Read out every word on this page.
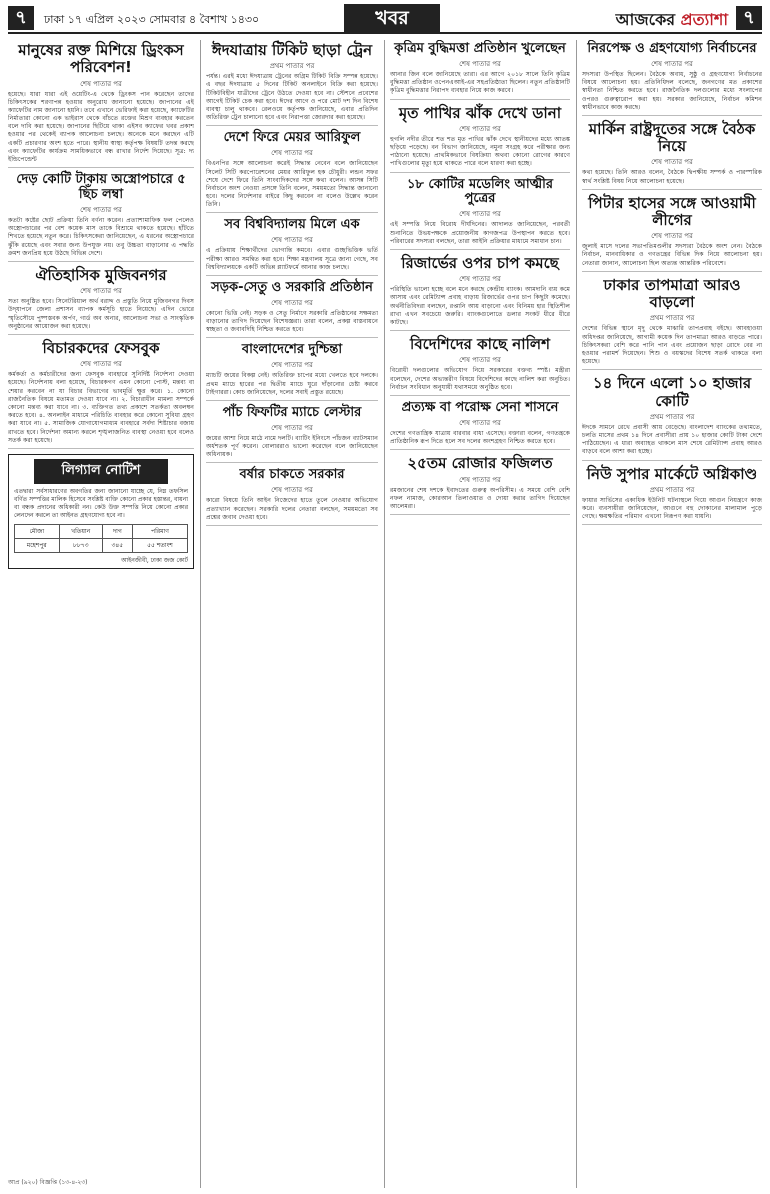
৭	ঢাকা ১৭ এপ্রিল ২০২৩ সোমবার ৪ বৈশাখ ১৪৩০	খবর	আজকের প্রত্যাশা ৭
মানুষের রক্ত মিশিয়ে ড্রিংকস পরিবেশন!
শেষ পাতার পর
হয়েছে। যারা যারা এই ওয়েটিং-এ থেকে ড্রিংকস পান করেছেন তাদের চিকিৎসকের শরণাপন্ন হওয়ার অনুরোধ জানানো হয়েছে। জাপানের এই ক্যাফেটির নাম জানানো হয়নি। তবে এখানে ভেরিফাই করা হয়েছে, ক্যাফেটির নির্মাতারা কোনো এক ভাইরাস থেকে বাঁচতে রক্তের মিশ্রণ ব্যবহার করতেন বলে দাবি করা হয়েছে। জাপানের ছিটিয়ে থাকা এইসব ক্যাফের খবর প্রকাশ হওয়ার পর থেকেই ব্যাপক আলোচনা চলছে। অনেকে মনে করছেন এটি একটি প্রচারণার অংশ হতে পারে। স্থানীয় স্বাস্থ্য কর্তৃপক্ষ বিষয়টি তদন্ত করছে এবং ক্যাফেটির কার্যক্রম সাময়িকভাবে বন্ধ রাখার নির্দেশ দিয়েছে। সূত্র: দ্য ইন্ডিপেন্ডেন্ট
দেড় কোটি টাকায় অস্ত্রোপচারে ৫ ছিঁচ লম্বা
শেষ পাতার পর
কতটা কষ্টের ছোট প্রক্রিয়া তিনি বর্ণনা করেন। প্রত্যাশামাফিক ফল পেলেও অস্ত্রোপচারের পর বেশ কয়েক মাস তাকে বিশ্রামে থাকতে হয়েছে। হাঁটতে শিখতে হয়েছে নতুন করে। চিকিৎসকেরা জানিয়েছেন, এ ধরনের অস্ত্রোপচারে ঝুঁকি রয়েছে এবং সবার জন্য উপযুক্ত নয়। তবু উচ্চতা বাড়ানোর এ পদ্ধতি ক্রমশ জনপ্রিয় হয়ে উঠছে বিভিন্ন দেশে।
ঐতিহাসিক মুজিবনগর
শেষ পাতার পর
সত্য অনুষ্ঠিত হবে। সিনেটরিয়াল অর্থ বরাদ্দ ও প্রস্তুতি নিয়ে মুজিবনগর দিবস উদ্‌যাপনে জেলা প্রশাসন ব্যাপক কর্মসূচি হাতে নিয়েছে। এদিন ভোরে স্মৃতিসৌধে পুষ্পস্তবক অর্পণ, গার্ড অব অনার, আলোচনা সভা ও সাংস্কৃতিক অনুষ্ঠানের আয়োজন করা হয়েছে।
বিচারকদের ফেসবুক
শেষ পাতার পর
কর্মকর্তা ও কর্মচারীদের জন্য ফেসবুক ব্যবহারে সুনির্দিষ্ট নির্দেশনা দেওয়া হয়েছে। নির্দেশনায় বলা হয়েছে, বিচারকগণ এমন কোনো পোস্ট, মন্তব্য বা শেয়ার করবেন না যা বিচার বিভাগের ভাবমূর্তি ক্ষুণ্ণ করে। ১. কোনো রাজনৈতিক বিষয়ে মতামত দেওয়া যাবে না। ২. বিচারাধীন মামলা সম্পর্কে কোনো মন্তব্য করা যাবে না। ৩. ব্যক্তিগত তথ্য প্রকাশে সতর্কতা অবলম্বন করতে হবে। ৪. অনলাইন মাধ্যমে পরিচিতি ব্যবহার করে কোনো সুবিধা গ্রহণ করা যাবে না। ৫. সামাজিক যোগাযোগমাধ্যম ব্যবহারে সর্বদা শিষ্টাচার বজায় রাখতে হবে। নির্দেশনা অমান্য করলে শৃঙ্খলাজনিত ব্যবস্থা নেওয়া হবে বলেও সতর্ক করা হয়েছে।
লিগ্যাল নোটিশ
এতদ্বারা সর্বসাধারণের অবগতির জন্য জানানো যাচ্ছে যে, নিম্ন তফসিল বর্ণিত সম্পত্তির মালিক হিসেবে সংশ্লিষ্ট ব্যক্তি কোনো প্রকার হস্তান্তর, বায়না বা বন্ধক প্রদানের অধিকারী নন। কেউ উক্ত সম্পত্তি নিয়ে কোনো প্রকার লেনদেন করলে তা আইনত গ্রহণযোগ্য হবে না।
মৌজা	খতিয়ান	দাগ	পরিমাণ
মহেশপুর	৮৮৭৩	৩৪৫	৫৫ শতাংশ
আইনজীবী, ঢাকা জজ কোর্ট
ঈদযাত্রায় টিকিট ছাড়া ট্রেন
প্রথম পাতার পর
পর্যন্ত। এরই মধ্যে ঈদযাত্রায় ট্রেনের অগ্রিম টিকিট বিক্রি সম্পন্ন হয়েছে। এ বছর ঈদযাত্রায় ৫ দিনের টিকিট অনলাইনে বিক্রি করা হয়েছে। টিকিটবিহীন যাত্রীদের ট্রেনে উঠতে দেওয়া হবে না। স্টেশনে প্রবেশের আগেই টিকিট চেক করা হবে। ঈদের আগে ও পরে মোট দশ দিন বিশেষ ব্যবস্থা চালু থাকবে। রেলওয়ে কর্তৃপক্ষ জানিয়েছে, এবার প্রতিদিন অতিরিক্ত ট্রেন চালানো হবে এবং নিরাপত্তা জোরদার করা হয়েছে।
দেশে ফিরে মেয়র আরিফুল
শেষ পাতার পর
বিএনপির সঙ্গে আলোচনা করেই সিদ্ধান্ত নেবেন বলে জানিয়েছেন সিলেট সিটি করপোরেশনের মেয়র আরিফুল হক চৌধুরী। লন্ডন সফর শেষে দেশে ফিরে তিনি সাংবাদিকদের সঙ্গে কথা বলেন। আসন্ন সিটি নির্বাচনে অংশ নেওয়া প্রসঙ্গে তিনি বলেন, সময়মতো সিদ্ধান্ত জানানো হবে। দলের নির্দেশনার বাইরে কিছু করবেন না বলেও উল্লেখ করেন তিনি।
সব বিশ্ববিদ্যালয় মিলে এক
শেষ পাতার পর
এ প্রক্রিয়ায় শিক্ষার্থীদের ভোগান্তি কমবে। এবার গুচ্ছভিত্তিক ভর্তি পরীক্ষা আরও সমন্বিত করা হবে। শিক্ষা মন্ত্রণালয় সূত্রে জানা গেছে, সব বিশ্ববিদ্যালয়কে একটি অভিন্ন প্ল্যাটফর্মে আনার কাজ চলছে।
সড়ক-সেতু ও সরকারি প্রতিষ্ঠান
শেষ পাতার পর
কোনো ভিত্তি নেই। সড়ক ও সেতু নির্মাণে সরকারি প্রতিষ্ঠানের সক্ষমতা বাড়ানোর তাগিদ দিয়েছেন বিশেষজ্ঞরা। তারা বলেন, প্রকল্প বাস্তবায়নে স্বচ্ছতা ও জবাবদিহি নিশ্চিত করতে হবে।
বাংলাদেশের দুশ্চিন্তা
শেষ পাতার পর
ম্যাচটি জয়ের বিকল্প নেই। অতিরিক্ত চাপের মধ্যে খেলতে হবে দলকে। প্রথম ম্যাচে হারের পর দ্বিতীয় ম্যাচে ঘুরে দাঁড়ানোর চেষ্টা করবে টাইগাররা। কোচ জানিয়েছেন, দলের সবাই প্রস্তুত রয়েছে।
পাঁচ ফিফটির ম্যাচে লেস্টার
শেষ পাতার পর
জয়ের আশা নিয়ে মাঠে নামে দলটি। ব্যাটিং ইনিংসে পাঁচজন ব্যাটসম্যান অর্ধশতক পূর্ণ করেন। বোলাররাও ভালো করেছেন বলে জানিয়েছেন অধিনায়ক।
বর্ষার চাকতে সরকার
শেষ পাতার পর
কারো বিষয়ে তিনি আইন নিজেদের হাতে তুলে নেওয়ার অভিযোগ প্রত্যাখ্যান করেছেন। সরকারি দলের নেতারা বলছেন, সময়মতো সব প্রশ্নের জবাব দেওয়া হবে।
কৃত্রিম বুদ্ধিমত্তা প্রতিষ্ঠান খুলেছেন
শেষ পাতার পর
আনার জিন বলে জানিয়েছে তারা। এর আগে ২০১৮ সালে তিনি কৃত্রিম বুদ্ধিমত্তা প্রতিষ্ঠান ওপেনএআই-এর সহপ্রতিষ্ঠাতা ছিলেন। নতুন প্রতিষ্ঠানটি কৃত্রিম বুদ্ধিমত্তার নিরাপদ ব্যবহার নিয়ে কাজ করবে।
মৃত পাখির ঝাঁক দেখে ডানা
শেষ পাতার পর
হুগলি নদীর তীরে শত শত মৃত পাখির ঝাঁক দেখে স্থানীয়দের মধ্যে আতঙ্ক ছড়িয়ে পড়েছে। বন বিভাগ জানিয়েছে, নমুনা সংগ্রহ করে পরীক্ষার জন্য পাঠানো হয়েছে। প্রাথমিকভাবে বিষক্রিয়া অথবা কোনো রোগের কারণে পাখিগুলোর মৃত্যু হয়ে থাকতে পারে বলে ধারণা করা হচ্ছে।
১৮ কোটির মডেলিং আত্মীর পুত্রের
শেষ পাতার পর
এই সম্পত্তি নিয়ে বিরোধ দীর্ঘদিনের। আদালত জানিয়েছেন, পরবর্তী শুনানিতে উভয়পক্ষকে প্রয়োজনীয় কাগজপত্র উপস্থাপন করতে হবে। পরিবারের সদস্যরা বলছেন, তারা আইনি প্রক্রিয়ার মাধ্যমে সমাধান চান।
রিজার্ভের ওপর চাপ কমছে
শেষ পাতার পর
পরিস্থিতি ভালো হচ্ছে বলে মনে করছে কেন্দ্রীয় ব্যাংক। আমদানি ব্যয় কমে আসায় এবং রেমিট্যান্স প্রবাহ বাড়ায় রিজার্ভের ওপর চাপ কিছুটা কমেছে। অর্থনীতিবিদরা বলছেন, রপ্তানি আয় বাড়ানো এবং বিনিময় হার স্থিতিশীল রাখা এখন সবচেয়ে জরুরি। ব্যাংকগুলোতে ডলার সংকট ধীরে ধীরে কাটছে।
বিদেশিদের কাছে নালিশ
শেষ পাতার পর
বিরোধী দলগুলোর অভিযোগ নিয়ে সরকারের বক্তব্য স্পষ্ট। মন্ত্রীরা বলেছেন, দেশের অভ্যন্তরীণ বিষয়ে বিদেশিদের কাছে নালিশ করা অনুচিত। নির্বাচন সংবিধান অনুযায়ী যথাসময়ে অনুষ্ঠিত হবে।
প্রত্যক্ষ বা পরোক্ষ সেনা শাসনে
শেষ পাতার পর
দেশের গণতান্ত্রিক যাত্রায় বারবার বাধা এসেছে। বক্তারা বলেন, গণতন্ত্রকে প্রাতিষ্ঠানিক রূপ দিতে হলে সব দলের অংশগ্রহণ নিশ্চিত করতে হবে।
২৫তম রোজার ফজিলত
শেষ পাতার পর
রমজানের শেষ দশকে ইবাদতের গুরুত্ব অপরিসীম। এ সময়ে বেশি বেশি নফল নামাজ, কোরআন তিলাওয়াত ও দোয়া করার তাগিদ দিয়েছেন আলেমরা।
নিরপেক্ষ ও গ্রহণযোগ্য নির্বাচনের
শেষ পাতার পর
সদস্যরা উপস্থিত ছিলেন। বৈঠকে অবাধ, সুষ্ঠু ও গ্রহণযোগ্য নির্বাচনের বিষয়ে আলোচনা হয়। প্রতিনিধিদল বলেছে, জনগণের মত প্রকাশের স্বাধীনতা নিশ্চিত করতে হবে। রাজনৈতিক দলগুলোর মধ্যে সংলাপের ওপরও গুরুত্বারোপ করা হয়। সরকার জানিয়েছে, নির্বাচন কমিশন স্বাধীনভাবে কাজ করছে।
মার্কিন রাষ্ট্রদূতের সঙ্গে বৈঠক নিয়ে
শেষ পাতার পর
কথা হয়েছে। তিনি আরও বলেন, বৈঠকে দ্বিপক্ষীয় সম্পর্ক ও পারস্পরিক স্বার্থ সংশ্লিষ্ট বিষয় নিয়ে আলোচনা হয়েছে।
পিটার হাসের সঙ্গে আওয়ামী লীগের
শেষ পাতার পর
জুলাই মাসে দলের সভাপতিমণ্ডলীর সদস্যরা বৈঠকে অংশ নেন। বৈঠকে নির্বাচন, মানবাধিকার ও গণতন্ত্রের বিভিন্ন দিক নিয়ে আলোচনা হয়। নেতারা জানান, আলোচনা ছিল অত্যন্ত আন্তরিক পরিবেশে।
ঢাকার তাপমাত্রা আরও বাড়লো
প্রথম পাতার পর
দেশের বিভিন্ন স্থানে মৃদু থেকে মাঝারি তাপপ্রবাহ বইছে। আবহাওয়া অধিদপ্তর জানিয়েছে, আগামী কয়েক দিন তাপমাত্রা আরও বাড়তে পারে। চিকিৎসকরা বেশি করে পানি পান এবং প্রয়োজন ছাড়া রোদে বের না হওয়ার পরামর্শ দিয়েছেন। শিশু ও বয়স্কদের বিশেষ সতর্ক থাকতে বলা হয়েছে।
১৪ দিনে এলো ১০ হাজার কোটি
প্রথম পাতার পর
ঈদকে সামনে রেখে প্রবাসী আয় বেড়েছে। বাংলাদেশ ব্যাংকের তথ্যমতে, চলতি মাসের প্রথম ১৪ দিনে প্রবাসীরা প্রায় ১০ হাজার কোটি টাকা দেশে পাঠিয়েছেন। এ ধারা অব্যাহত থাকলে মাস শেষে রেমিট্যান্স প্রবাহ আরও বাড়বে বলে আশা করা হচ্ছে।
নিউ সুপার মার্কেটে অগ্নিকাণ্ড
প্রথম পাতার পর
ফায়ার সার্ভিসের একাধিক ইউনিট ঘটনাস্থলে গিয়ে আগুন নিয়ন্ত্রণে কাজ করে। ব্যবসায়ীরা জানিয়েছেন, আগুনে বহু দোকানের মালামাল পুড়ে গেছে। ক্ষয়ক্ষতির পরিমাণ এখনো নিরূপণ করা যায়নি।
আপ্র (৯২০) বিজ্ঞপ্তি (১৩-৪-২৩)
